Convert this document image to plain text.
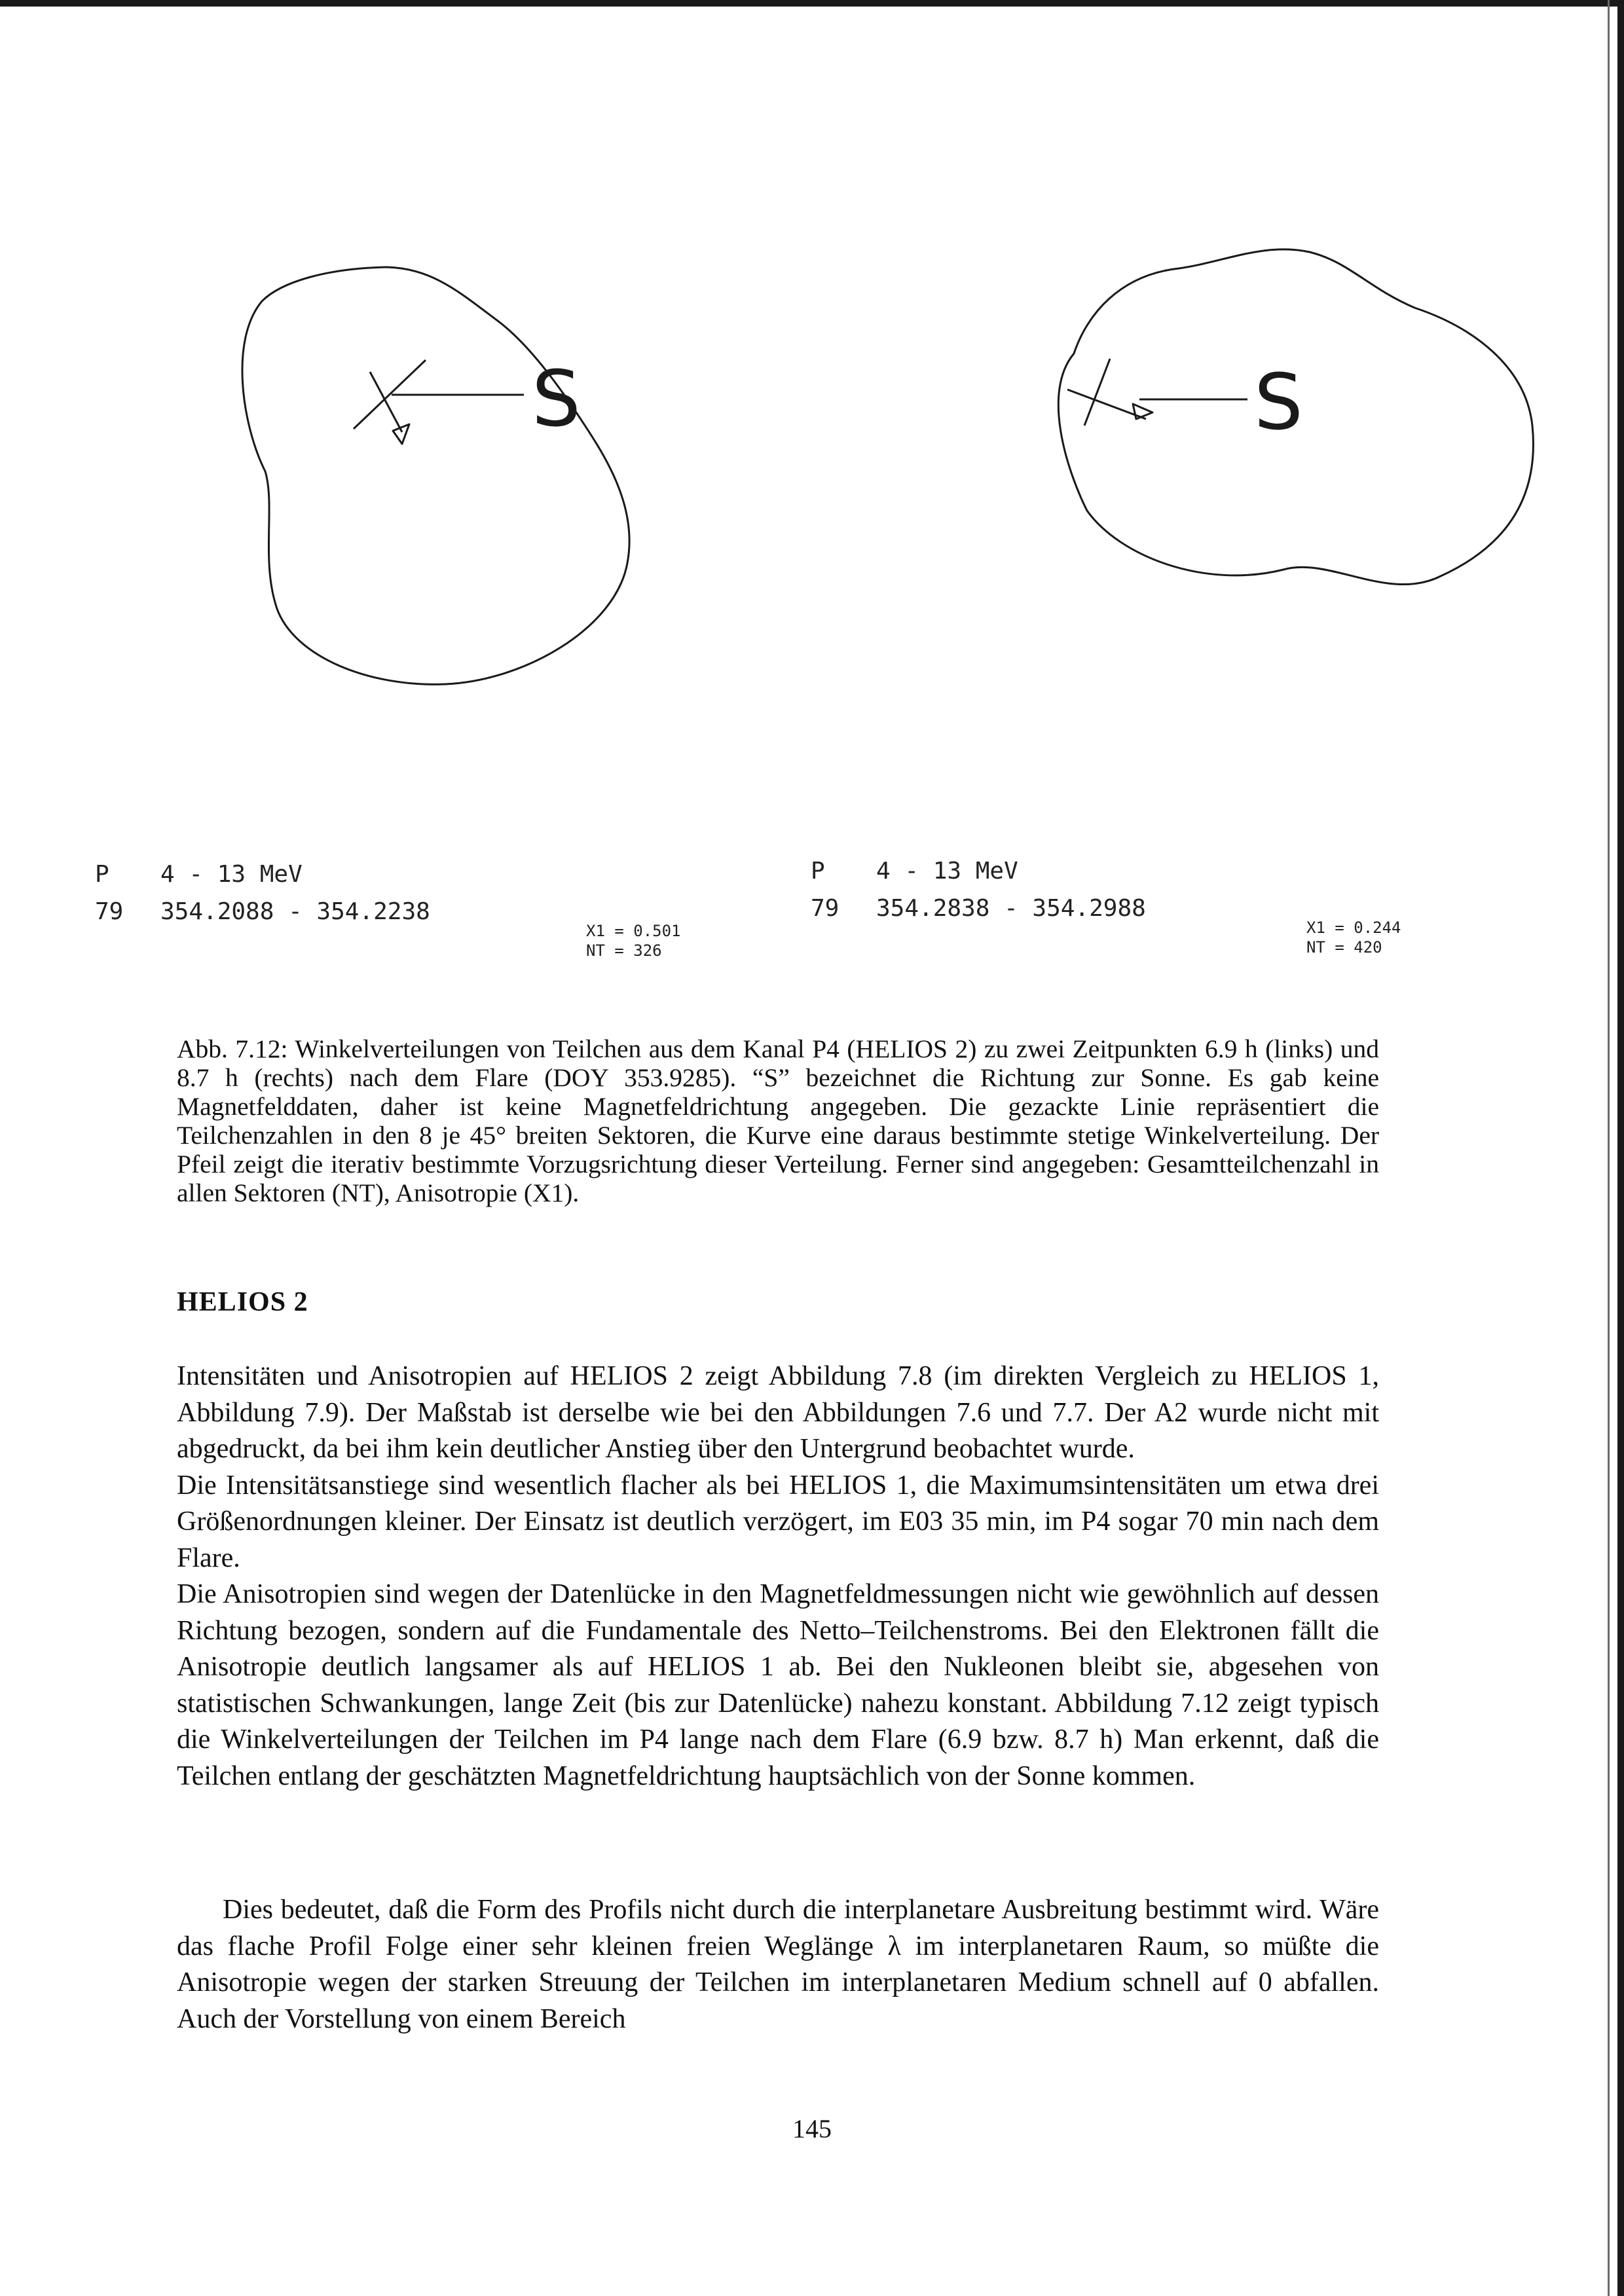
S	S
P 4 - 13 MeV
79 354.2088 - 354.2238
X1 = 0.501
NT = 326
P 4 - 13 MeV
79 354.2838 - 354.2988
X1 = 0.244
NT = 420
Abb. 7.12: Winkelverteilungen von Teilchen aus dem Kanal P4 (HELIOS 2) zu zwei Zeitpunkten 6.9 h (links) und 8.7 h (rechts) nach dem Flare (DOY 353.9285). “S” bezeichnet die Richtung zur Sonne. Es gab keine Magnetfelddaten, daher ist keine Magnetfeldrichtung angegeben. Die gezackte Linie repräsentiert die Teilchenzahlen in den 8 je 45° breiten Sektoren, die Kurve eine daraus bestimmte stetige Winkelverteilung. Der Pfeil zeigt die iterativ bestimmte Vorzugsrichtung dieser Verteilung. Ferner sind angegeben: Gesamtteilchenzahl in allen Sektoren (NT), Anisotropie (X1).
HELIOS 2

Intensitäten und Anisotropien auf HELIOS 2 zeigt Abbildung 7.8 (im direkten Vergleich zu HELIOS 1, Abbildung 7.9). Der Maßstab ist derselbe wie bei den Abbildungen 7.6 und 7.7. Der A2 wurde nicht mit abgedruckt, da bei ihm kein deutlicher Anstieg über den Untergrund beobachtet wurde.

Die Intensitätsanstiege sind wesentlich flacher als bei HELIOS 1, die Maximumsintensitäten um etwa drei Größenordnungen kleiner. Der Einsatz ist deutlich verzögert, im E03 35 min, im P4 sogar 70 min nach dem Flare.

Die Anisotropien sind wegen der Datenlücke in den Magnetfeldmessungen nicht wie gewöhnlich auf dessen Richtung bezogen, sondern auf die Fundamentale des Netto–Teilchenstroms. Bei den Elektronen fällt die Anisotropie deutlich langsamer als auf HELIOS 1 ab. Bei den Nukleonen bleibt sie, abgesehen von statistischen Schwankungen, lange Zeit (bis zur Datenlücke) nahezu konstant. Abbildung 7.12 zeigt typisch die Winkelverteilungen der Teilchen im P4 lange nach dem Flare (6.9 bzw. 8.7 h) Man erkennt, daß die Teilchen entlang der geschätzten Magnetfeldrichtung hauptsächlich von der Sonne kommen.

Dies bedeutet, daß die Form des Profils nicht durch die interplanetare Ausbreitung bestimmt wird. Wäre das flache Profil Folge einer sehr kleinen freien Weglänge λ im interplanetaren Raum, so müßte die Anisotropie wegen der starken Streuung der Teilchen im interplanetaren Medium schnell auf 0 abfallen. Auch der Vorstellung von einem Bereich

145
